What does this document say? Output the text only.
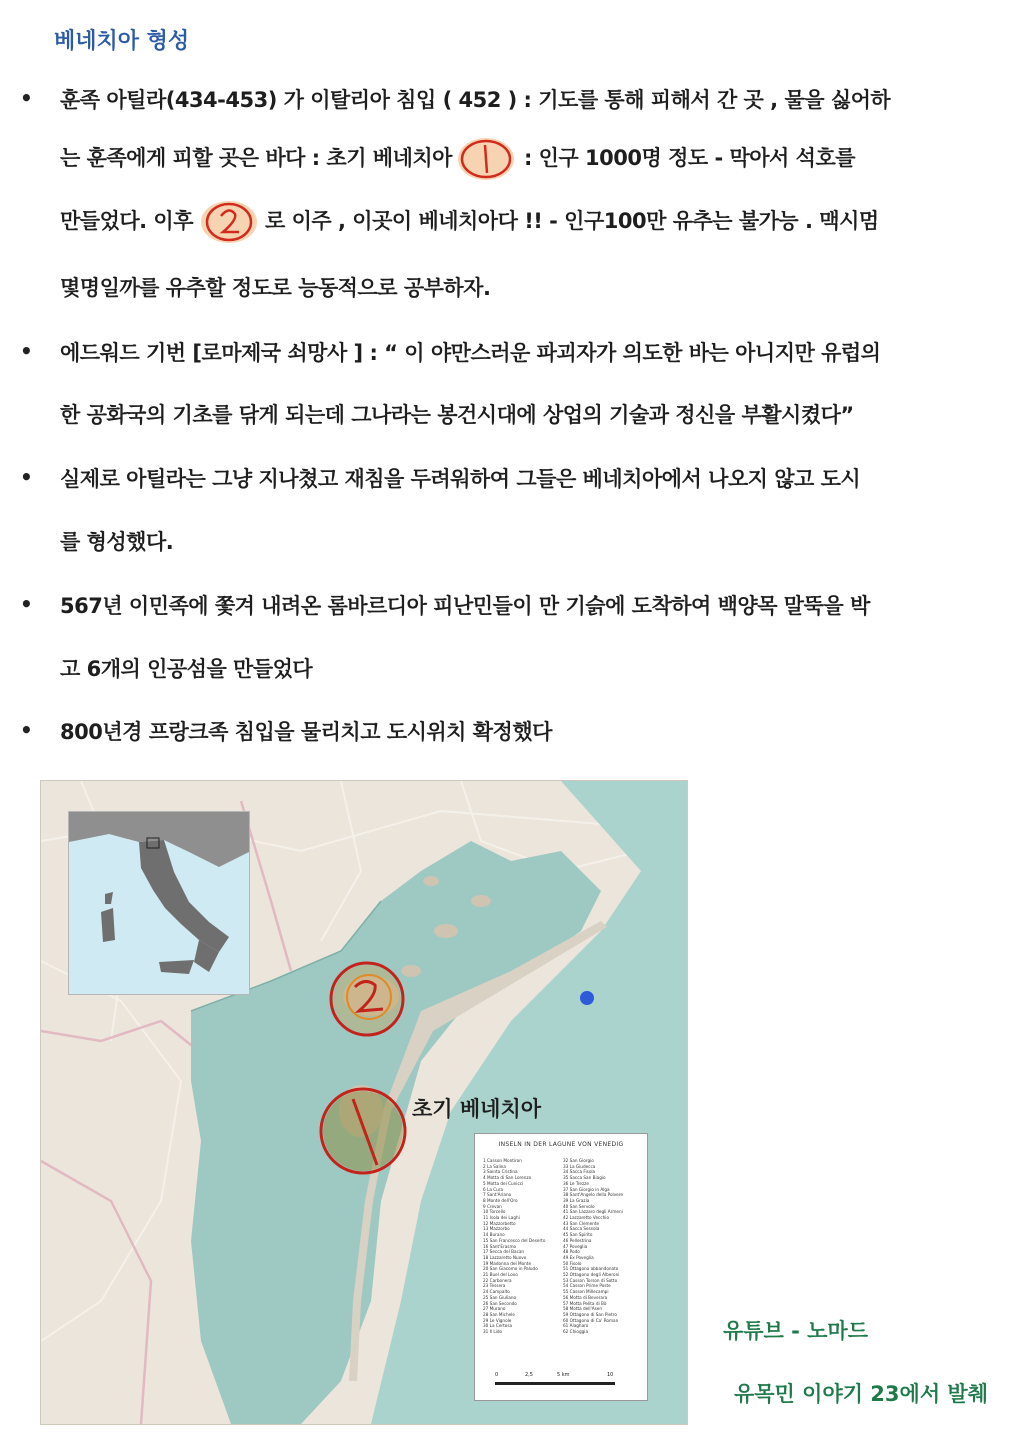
베네치아 형성
•	훈족 아틸라(434-453) 가 이탈리아 침입 ( 452 ) : 기도를 통해 피해서 간 곳 , 물을 싫어하
는 훈족에게 피할 곳은 바다 : 초기 베네치아	: 인구 1000명 정도 - 막아서 석호를
만들었다. 이후	로 이주 , 이곳이 베네치아다 !! - 인구100만 유추는 불가능 . 맥시멈
몇명일까를 유추할 정도로 능동적으로 공부하자.
•	에드워드 기번 [로마제국 쇠망사 ] : “ 이 야만스러운 파괴자가 의도한 바는 아니지만 유럽의
한 공화국의 기초를 닦게 되는데 그나라는 봉건시대에 상업의 기술과 정신을 부활시켰다”
•	실제로 아틸라는 그냥 지나쳤고 재침을 두려워하여 그들은 베네치아에서 나오지 않고 도시
를 형성했다.
•	567년 이민족에 쫓겨 내려온 롬바르디아 피난민들이 만 기슭에 도착하여 백양목 말뚝을 박
고 6개의 인공섬을 만들었다
•	800년경 프랑크족 침입을 물리치고 도시위치 확정했다
초기 베네치아
INSELN IN DER LAGUNE VON VENEDIG
1 Casson Montiron
2 La Salina
3 Sainta Cristina
4 Motta di San Lorenzo
5 Motta dei Cunicci
6 La Cura
7 Sant'Ariano
8 Monte dell'Oro
9 Crevan
10 Torcello
11 Isola dei Laghi
12 Mazzorbetto
13 Mazzorbo
14 Burano
15 San Francesco del Deserto
16 Sant'Erasmo
17 Secca del Bacan
18 Lazzaretto Nuovo
19 Madonna del Monte
20 San Giacomo in Paludo
21 Buel del Lovo
22 Carbonera
23 Tessera
24 Campalto
25 San Giuliano
26 San Secondo
27 Murano
28 San Michele
29 Le Vignole
30 La Certosa
31 Il Lido
32 San Giorgio
33 La Giudecca
34 Sacca Fisola
35 Sacca San Biagio
36 Le Trezze
37 San Giorgio in Alga
38 Sant'Angelo della Polvere
39 La Grazia
40 San Servolo
41 San Lazzaro degli Armeni
42 Lazzaretto Vecchio
43 San Clemente
44 Sacca Sessola
45 San Spirito
46 Pellestrina
47 Poveglia
48 Podo
49 Ex Poveglia
50 Fisolo
51 Ottagono abbandonato
52 Ottagono degli Alberoni
53 Casson Torson di Sotto
54 Casson Prime Poste
55 Casson Millecampi
56 Motta di Beverara
57 Motta Pelita di Bò
58 Motta dell'Asen
59 Ottagono di San Pietro
60 Ottagono di Ca' Roman
61 Alagharo
62 Chioggia
0	2,5	5 km	10
유튜브 - 노마드
유목민 이야기 23에서 발췌
